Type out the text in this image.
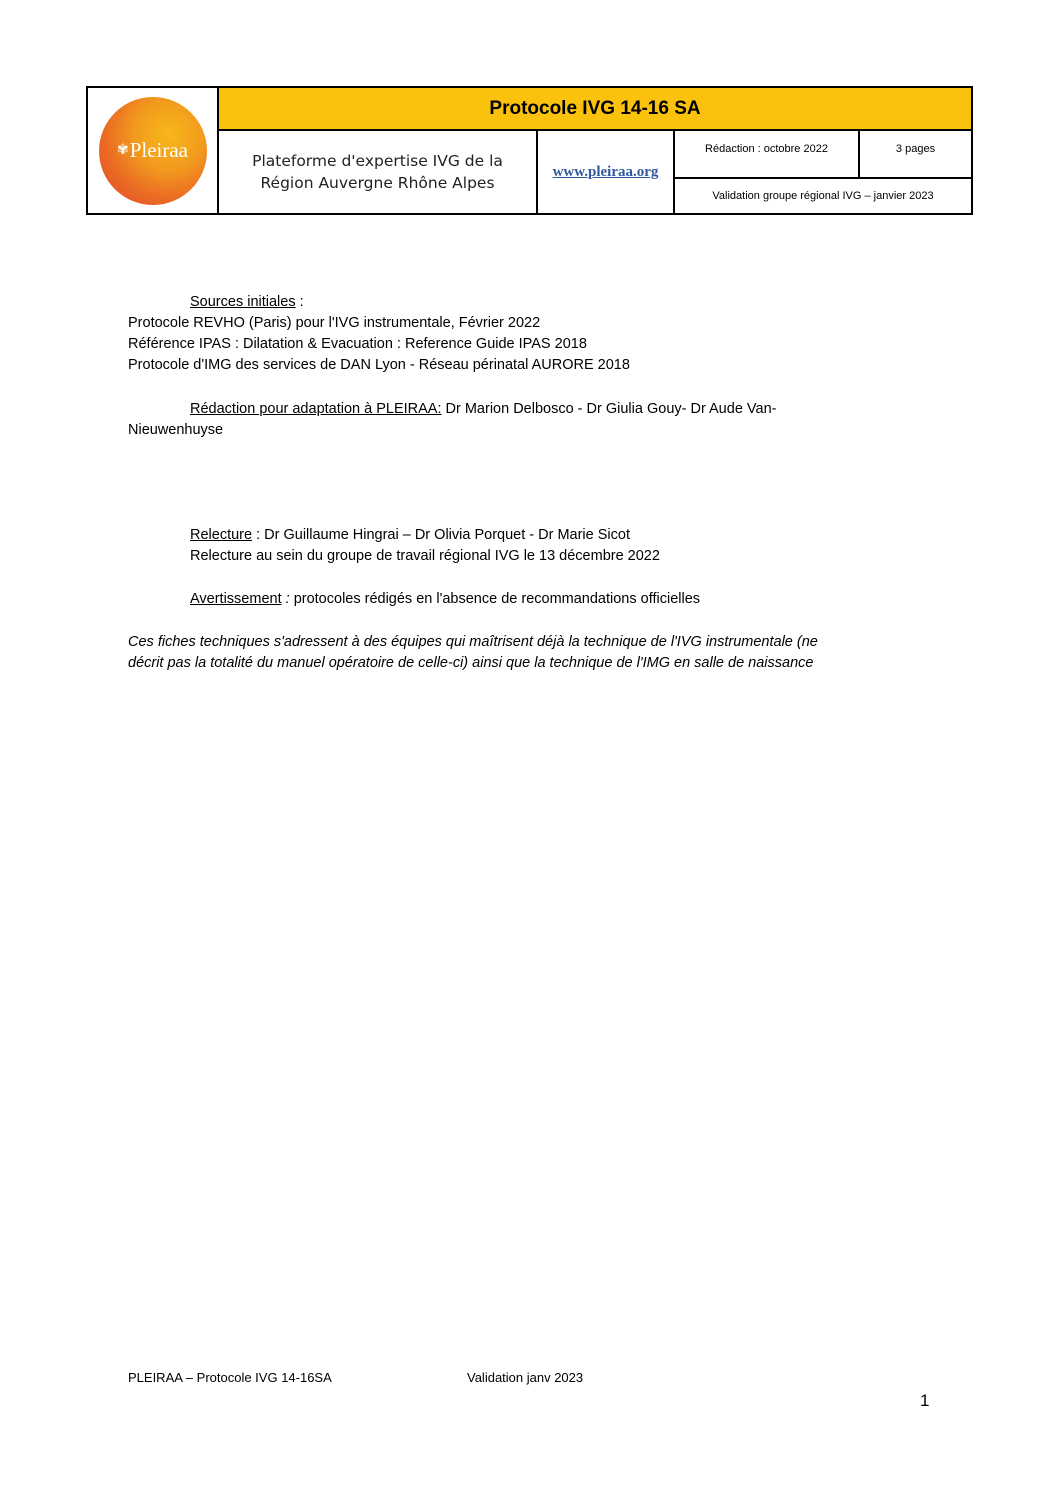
✾ Pleiraa
Protocole IVG 14-16 SA
Plateforme d'expertise IVG de la
Région Auvergne Rhône Alpes
www.pleiraa.org
Rédaction : octobre 2022	3 pages
Validation groupe régional IVG – janvier 2023
Sources initiales :
Protocole REVHO (Paris) pour l'IVG instrumentale, Février 2022
Référence IPAS : Dilatation & Evacuation : Reference Guide IPAS 2018
Protocole d'IMG des services de DAN Lyon - Réseau périnatal AURORE 2018
Rédaction pour adaptation à PLEIRAA: Dr Marion Delbosco - Dr Giulia Gouy- Dr Aude Van-
Nieuwenhuyse
Relecture : Dr Guillaume Hingrai – Dr Olivia Porquet - Dr Marie Sicot
Relecture au sein du groupe de travail régional IVG le 13 décembre 2022
Avertissement : protocoles rédigés en l'absence de recommandations officielles
Ces fiches techniques s'adressent à des équipes qui maîtrisent déjà la technique de l'IVG instrumentale (ne
décrit pas la totalité du manuel opératoire de celle-ci) ainsi que la technique de l'IMG en salle de naissance
PLEIRAA – Protocole IVG 14-16SA	Validation janv 2023
1
